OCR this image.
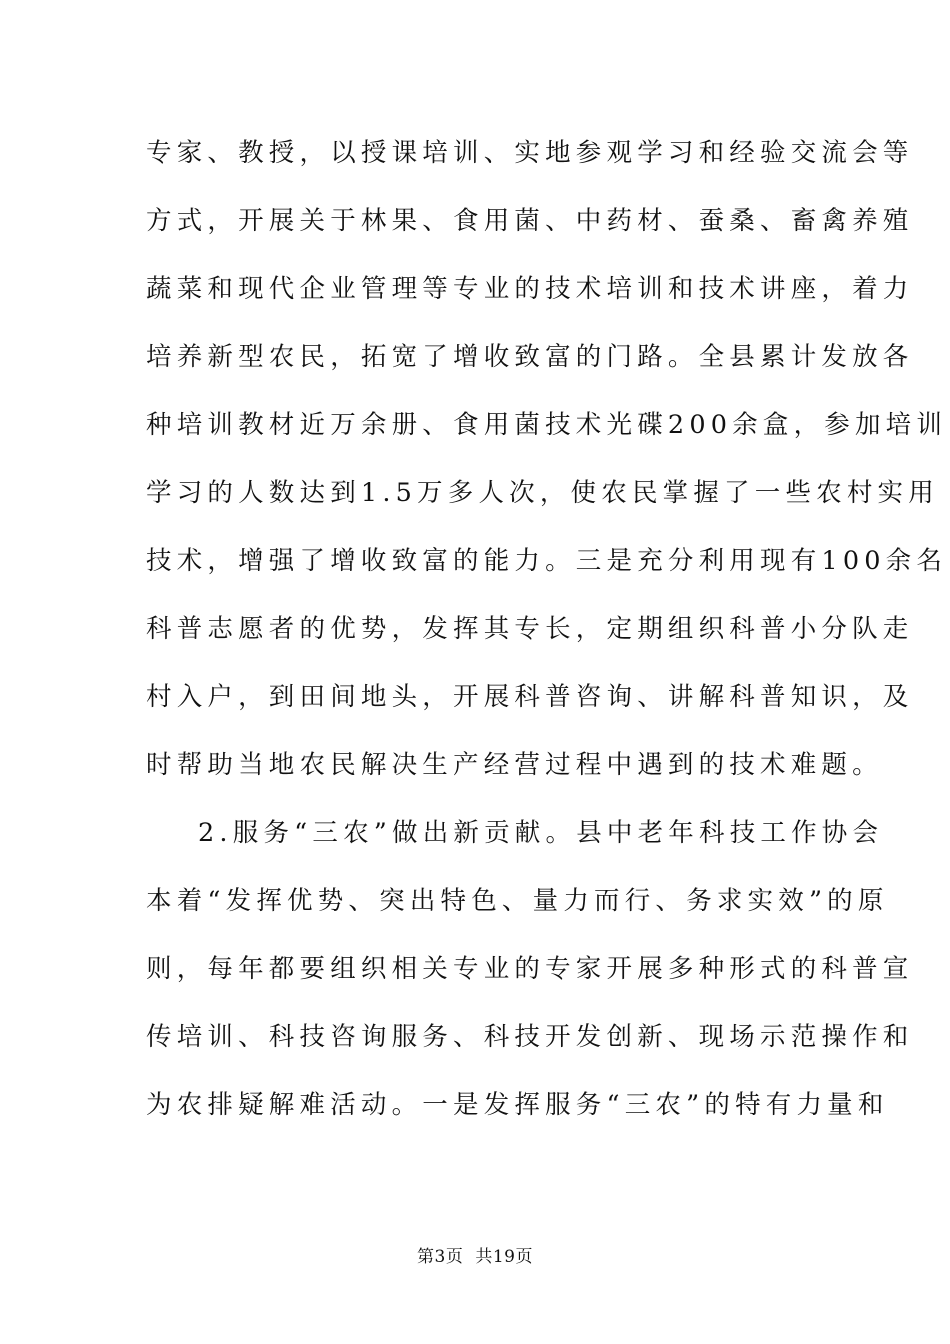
专家、教授，以授课培训、实地参观学习和经验交流会等
方式，开展关于林果、食用菌、中药材、蚕桑、畜禽养殖
蔬菜和现代企业管理等专业的技术培训和技术讲座，着力
培养新型农民，拓宽了增收致富的门路。全县累计发放各
种培训教材近万余册、食用菌技术光碟200余盒，参加培训
学习的人数达到1.5万多人次，使农民掌握了一些农村实用
技术，增强了增收致富的能力。三是充分利用现有100余名
科普志愿者的优势，发挥其专长，定期组织科普小分队走
村入户，到田间地头，开展科普咨询、讲解科普知识，及
时帮助当地农民解决生产经营过程中遇到的技术难题。
2.服务“三农”做出新贡献。县中老年科技工作协会
本着“发挥优势、突出特色、量力而行、务求实效”的原
则，每年都要组织相关专业的专家开展多种形式的科普宣
传培训、科技咨询服务、科技开发创新、现场示范操作和
为农排疑解难活动。一是发挥服务“三农”的特有力量和
第3页 共19页
